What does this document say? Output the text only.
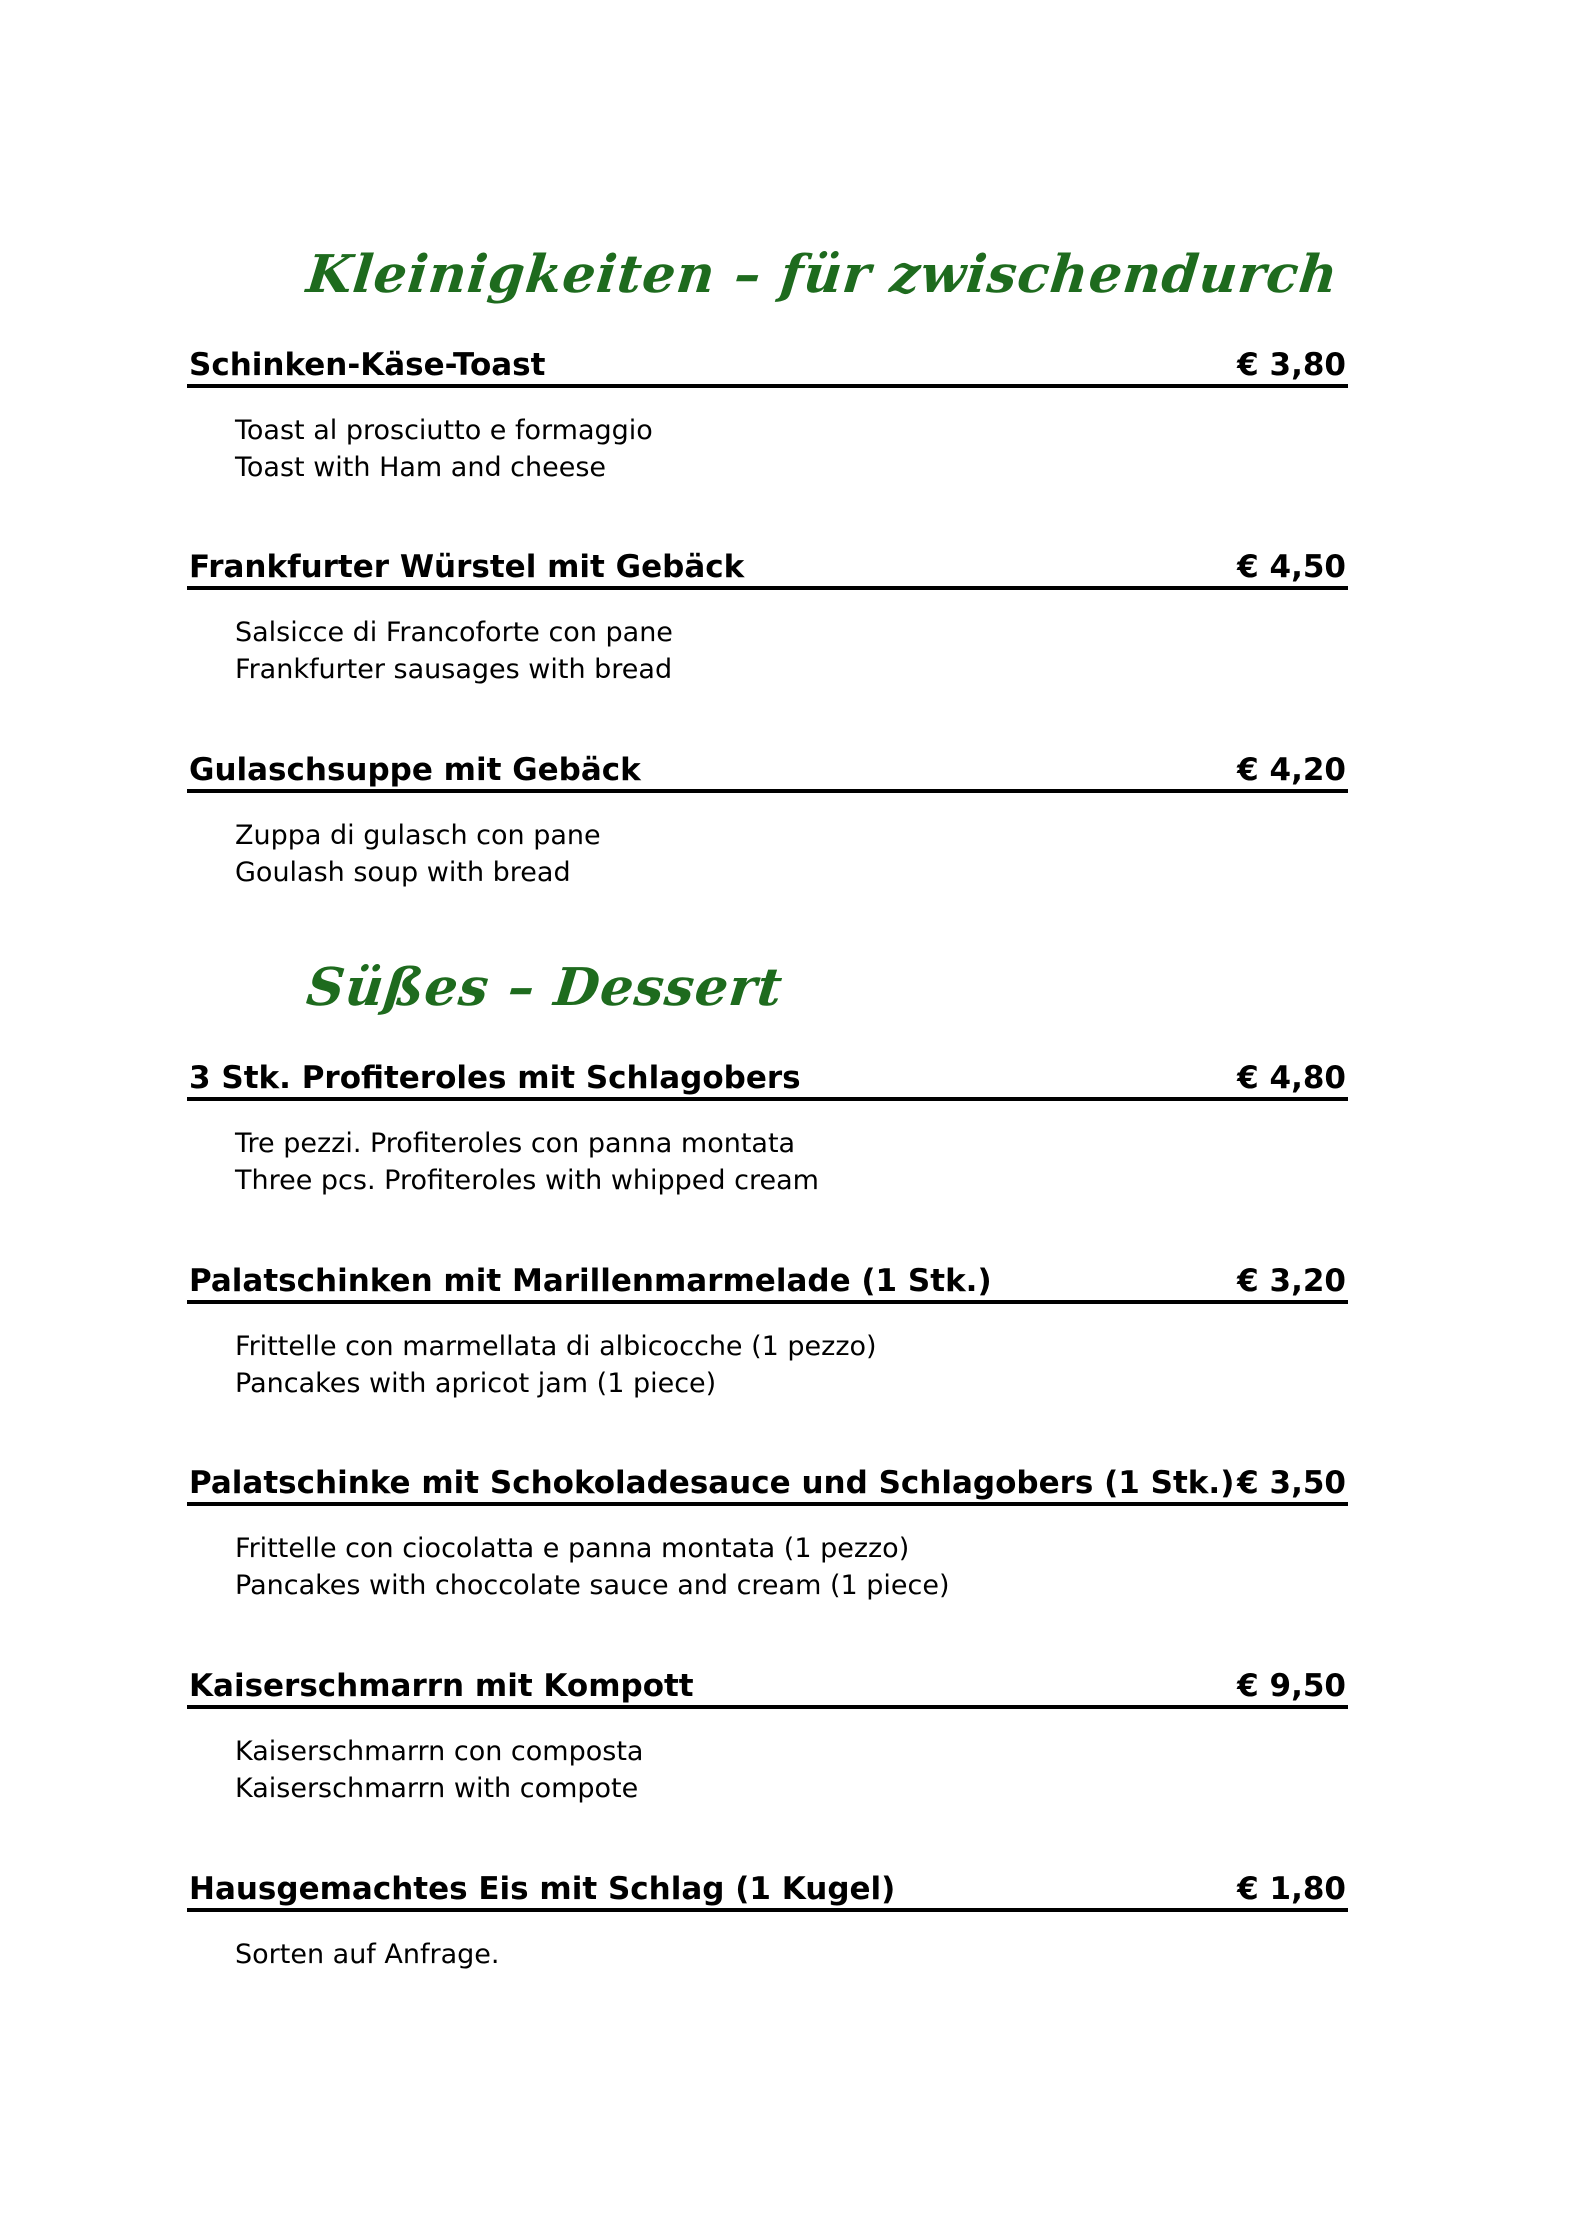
Kleinigkeiten – für zwischendurch
Schinken-Käse-Toast	€ 3,80
Toast al prosciutto e formaggio
Toast with Ham and cheese
Frankfurter Würstel mit Gebäck	€ 4,50
Salsicce di Francoforte con pane
Frankfurter sausages with bread
Gulaschsuppe mit Gebäck	€ 4,20
Zuppa di gulasch con pane
Goulash soup with bread
Süßes – Dessert
3 Stk. Profiteroles mit Schlagobers	€ 4,80
Tre pezzi. Profiteroles con panna montata
Three pcs. Profiteroles with whipped cream
Palatschinken mit Marillenmarmelade (1 Stk.)	€ 3,20
Frittelle con marmellata di albicocche (1 pezzo)
Pancakes with apricot jam (1 piece)
Palatschinke mit Schokoladesauce und Schlagobers (1 Stk.) € 3,50
Frittelle con ciocolatta e panna montata (1 pezzo)
Pancakes with choccolate sauce and cream (1 piece)
Kaiserschmarrn mit Kompott	€ 9,50
Kaiserschmarrn con composta
Kaiserschmarrn with compote
Hausgemachtes Eis mit Schlag (1 Kugel)	€ 1,80
Sorten auf Anfrage.
